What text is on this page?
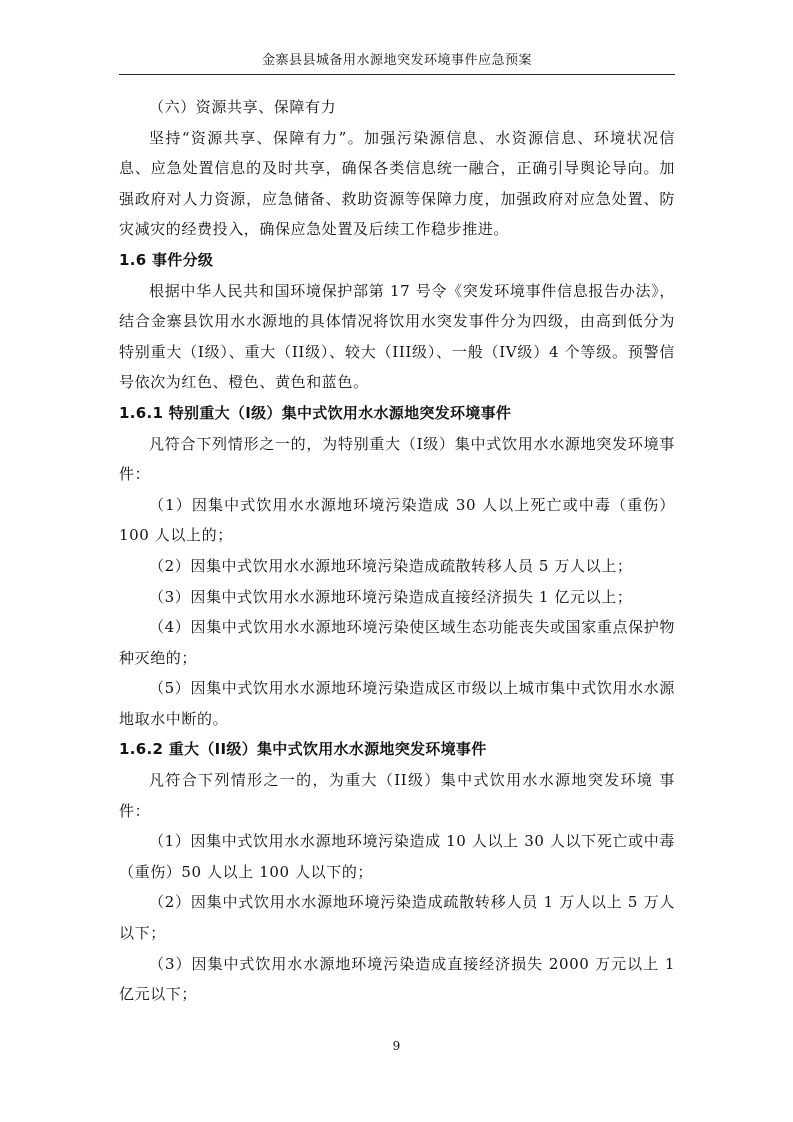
金寨县县城备用水源地突发环境事件应急预案

（六）资源共享、保障有力

坚持“资源共享、保障有力”。加强污染源信息、水资源信息、环境状况信息、应急处置信息的及时共享，确保各类信息统一融合，正确引导舆论导向。加强政府对人力资源，应急储备、救助资源等保障力度，加强政府对应急处置、防灾减灾的经费投入，确保应急处置及后续工作稳步推进。

1.6 事件分级

根据中华人民共和国环境保护部第 17 号令《突发环境事件信息报告办法》，结合金寨县饮用水水源地的具体情况将饮用水突发事件分为四级，由高到低分为特别重大（I级）、重大（II级）、较大（III级）、一般（IV级）4 个等级。预警信号依次为红色、橙色、黄色和蓝色。

1.6.1 特别重大（I级）集中式饮用水水源地突发环境事件

凡符合下列情形之一的，为特别重大（I级）集中式饮用水水源地突发环境事件：

（1）因集中式饮用水水源地环境污染造成 30 人以上死亡或中毒（重伤）100 人以上的；

（2）因集中式饮用水水源地环境污染造成疏散转移人员 5 万人以上；

（3）因集中式饮用水水源地环境污染造成直接经济损失 1 亿元以上；

（4）因集中式饮用水水源地环境污染使区域生态功能丧失或国家重点保护物种灭绝的；

（5）因集中式饮用水水源地环境污染造成区市级以上城市集中式饮用水水源地取水中断的。

1.6.2 重大（II级）集中式饮用水水源地突发环境事件

凡符合下列情形之一的，为重大（II级）集中式饮用水水源地突发环境 事件：

（1）因集中式饮用水水源地环境污染造成 10 人以上 30 人以下死亡或中毒（重伤）50 人以上 100 人以下的；

（2）因集中式饮用水水源地环境污染造成疏散转移人员 1 万人以上 5 万人以下；

（3）因集中式饮用水水源地环境污染造成直接经济损失 2000 万元以上 1 亿元以下；

9
